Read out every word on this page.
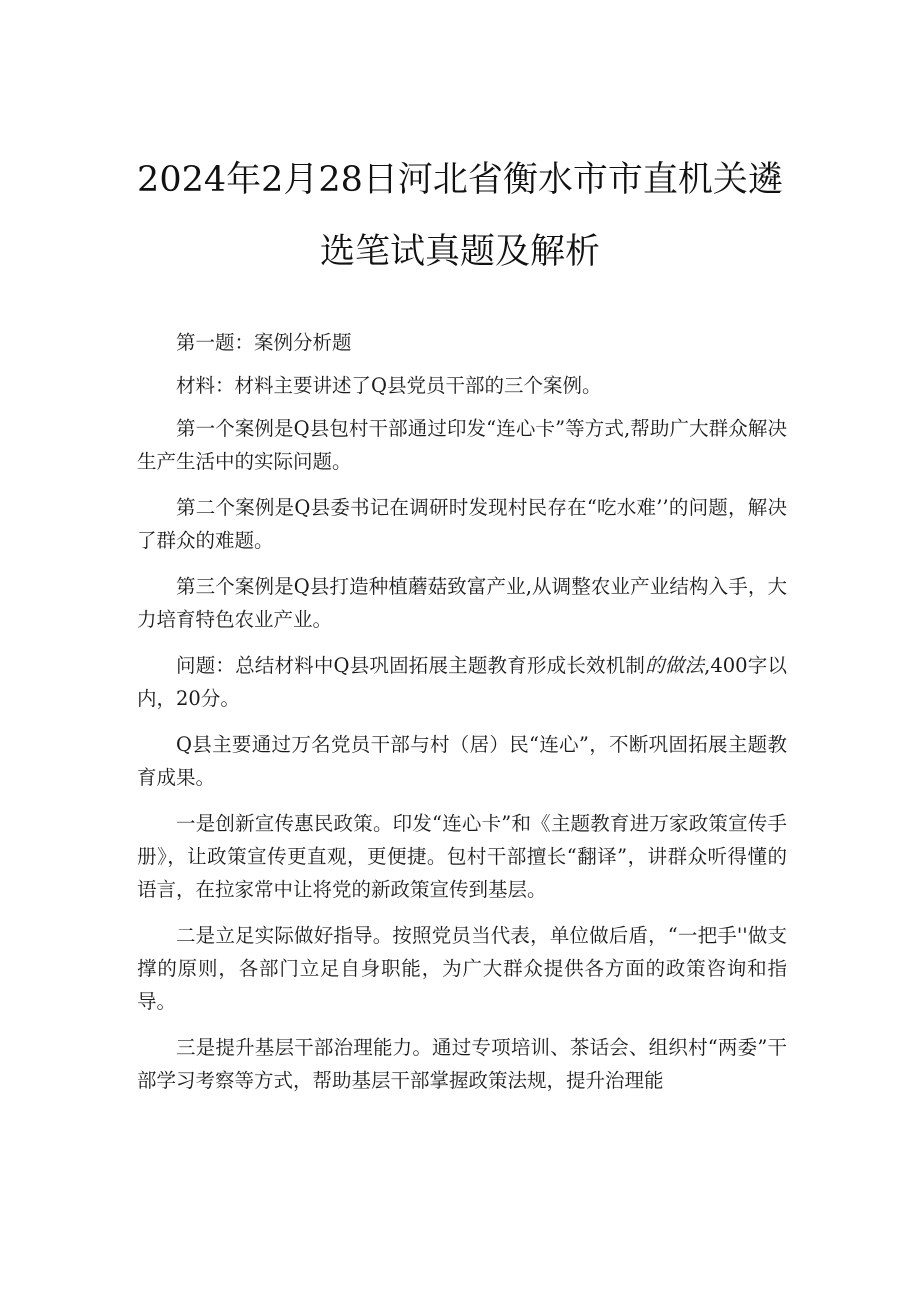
2024年2月28日河北省衡水市市直机关遴
选笔试真题及解析

第一题：案例分析题

材料：材料主要讲述了Q县党员干部的三个案例。

第一个案例是Q县包村干部通过印发“连心卡”等方式,帮助广大群众解决生产生活中的实际问题。

第二个案例是Q县委书记在调研时发现村民存在“吃水难’’的问题，解决了群众的难题。

第三个案例是Q县打造种植蘑菇致富产业,从调整农业产业结构入手，大力培育特色农业产业。

问题：总结材料中Q县巩固拓展主题教育形成长效机制的做法,400字以内，20分。

Q县主要通过万名党员干部与村（居）民“连心”，不断巩固拓展主题教育成果。

一是创新宣传惠民政策。印发“连心卡”和《主题教育进万家政策宣传手册》，让政策宣传更直观，更便捷。包村干部擅长“翻译”，讲群众听得懂的语言，在拉家常中让将党的新政策宣传到基层。

二是立足实际做好指导。按照党员当代表，单位做后盾，“一把手''做支撑的原则，各部门立足自身职能，为广大群众提供各方面的政策咨询和指导。

三是提升基层干部治理能力。通过专项培训、茶话会、组织村“两委”干部学习考察等方式，帮助基层干部掌握政策法规，提升治理能
